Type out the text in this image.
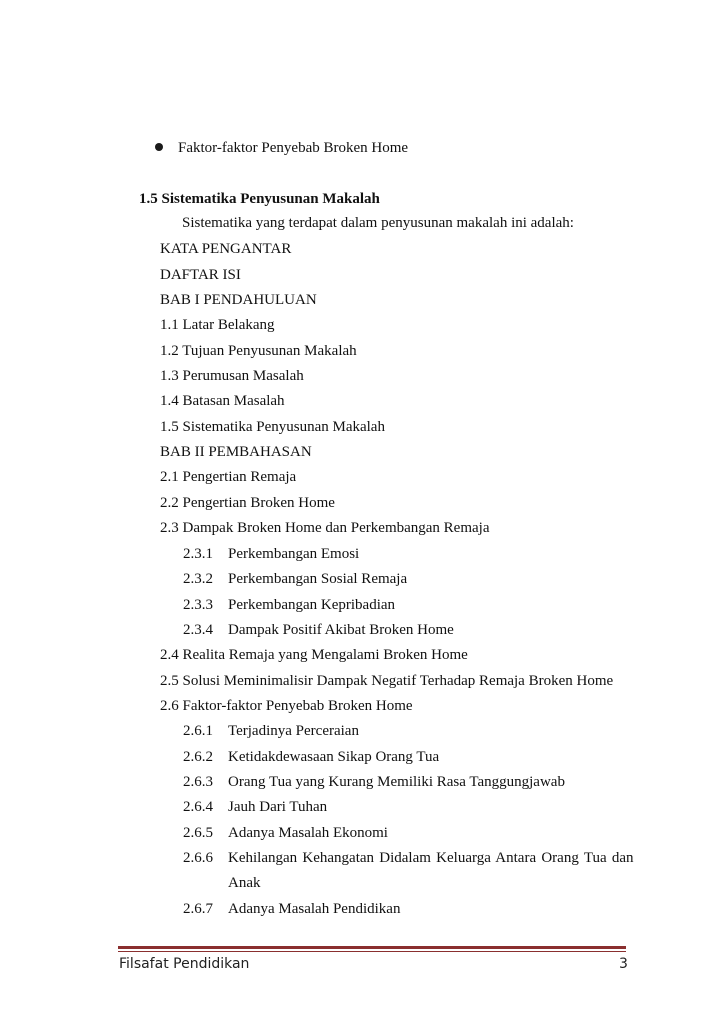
Faktor-faktor Penyebab Broken Home
1.5 Sistematika Penyusunan Makalah
Sistematika yang terdapat dalam penyusunan makalah ini adalah:
KATA PENGANTAR
DAFTAR ISI
BAB I PENDAHULUAN
1.1 Latar Belakang
1.2 Tujuan Penyusunan Makalah
1.3 Perumusan Masalah
1.4 Batasan Masalah
1.5 Sistematika Penyusunan Makalah
BAB II PEMBAHASAN
2.1 Pengertian Remaja
2.2 Pengertian Broken Home
2.3 Dampak Broken Home dan Perkembangan Remaja
2.3.1 Perkembangan Emosi
2.3.2 Perkembangan Sosial Remaja
2.3.3 Perkembangan Kepribadian
2.3.4 Dampak Positif Akibat Broken Home
2.4 Realita Remaja yang Mengalami Broken Home
2.5 Solusi Meminimalisir Dampak Negatif Terhadap Remaja Broken Home
2.6 Faktor-faktor Penyebab Broken Home
2.6.1 Terjadinya Perceraian
2.6.2 Ketidakdewasaan Sikap Orang Tua
2.6.3 Orang Tua yang Kurang Memiliki Rasa Tanggungjawab
2.6.4 Jauh Dari Tuhan
2.6.5 Adanya Masalah Ekonomi
2.6.6 Kehilangan Kehangatan Didalam Keluarga Antara Orang Tua dan
Anak
2.6.7 Adanya Masalah Pendidikan
Filsafat Pendidikan	3
